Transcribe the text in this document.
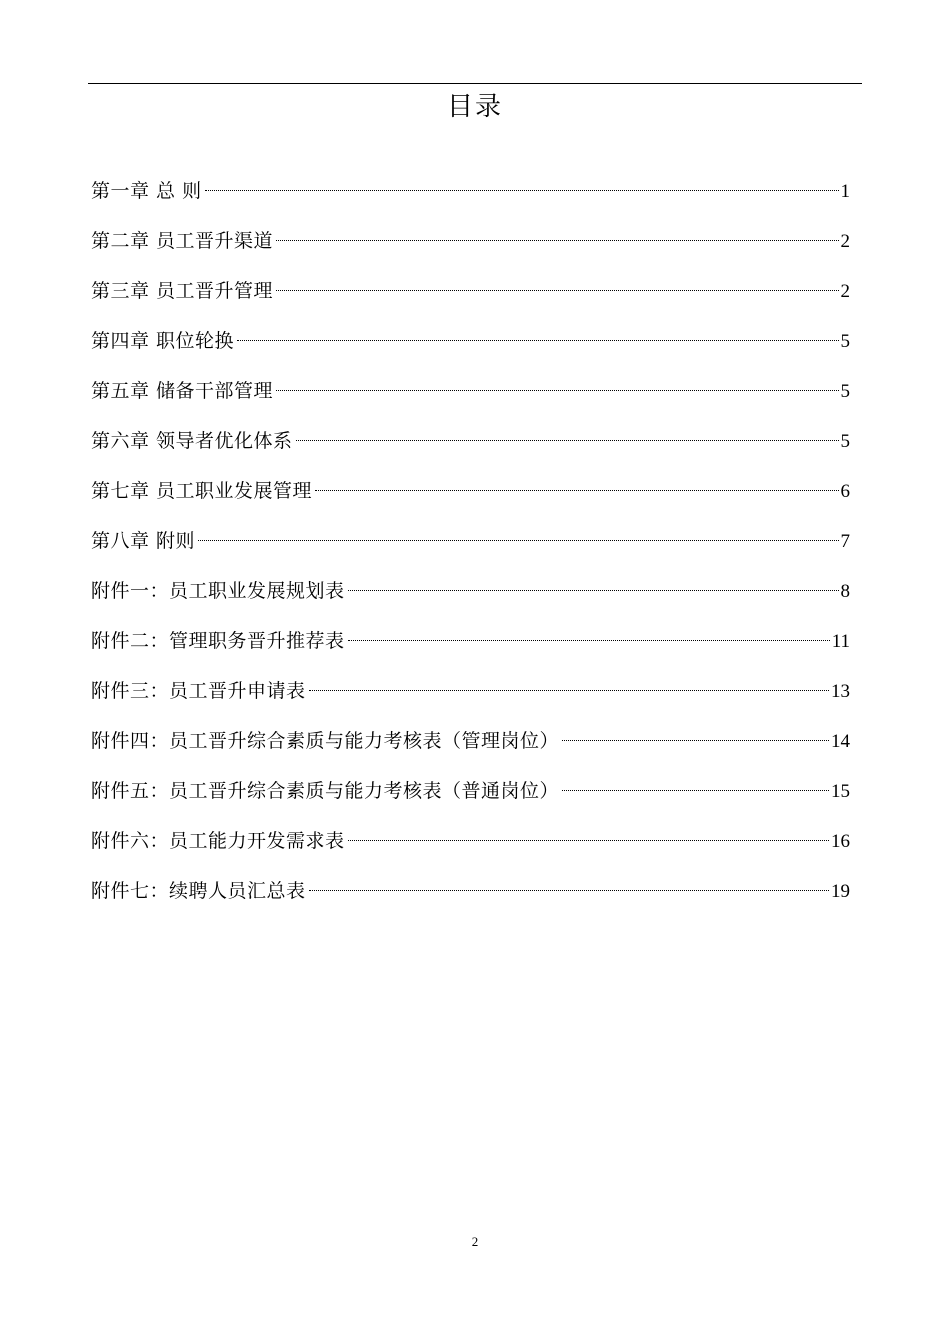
目录
第一章 总 则	1
第二章 员工晋升渠道	2
第三章 员工晋升管理	2
第四章 职位轮换	5
第五章 储备干部管理	5
第六章 领导者优化体系	5
第七章 员工职业发展管理	6
第八章 附则	7
附件一：员工职业发展规划表	8
附件二：管理职务晋升推荐表	11
附件三：员工晋升申请表	13
附件四：员工晋升综合素质与能力考核表（管理岗位）	14
附件五：员工晋升综合素质与能力考核表（普通岗位）	15
附件六：员工能力开发需求表	16
附件七：续聘人员汇总表	19
2
